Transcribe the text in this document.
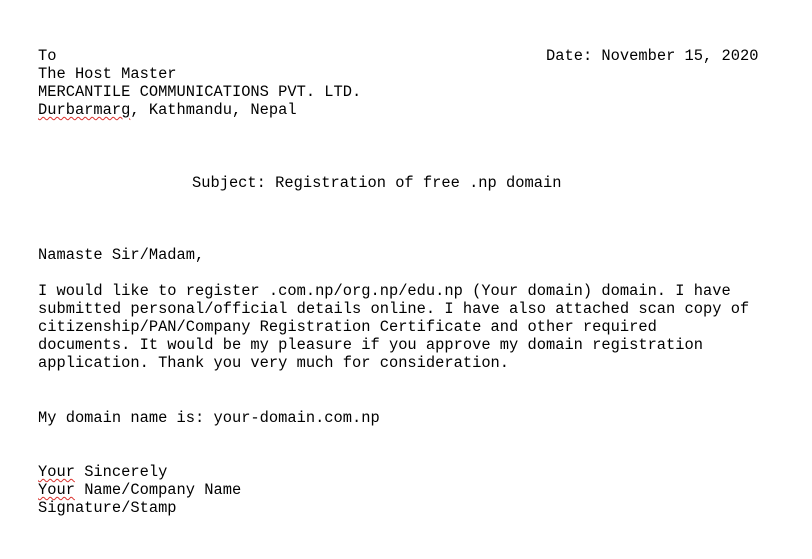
To	Date: November 15, 2020
The Host Master
MERCANTILE COMMUNICATIONS PVT. LTD.
Durbarmarg, Kathmandu, Nepal
Subject: Registration of free .np domain
Namaste Sir/Madam,
I would like to register .com.np/org.np/edu.np (Your domain) domain. I have
submitted personal/official details online. I have also attached scan copy of
citizenship/PAN/Company Registration Certificate and other required
documents. It would be my pleasure if you approve my domain registration
application. Thank you very much for consideration.
My domain name is: your-domain.com.np
Your Sincerely
Your Name/Company Name
Signature/Stamp
